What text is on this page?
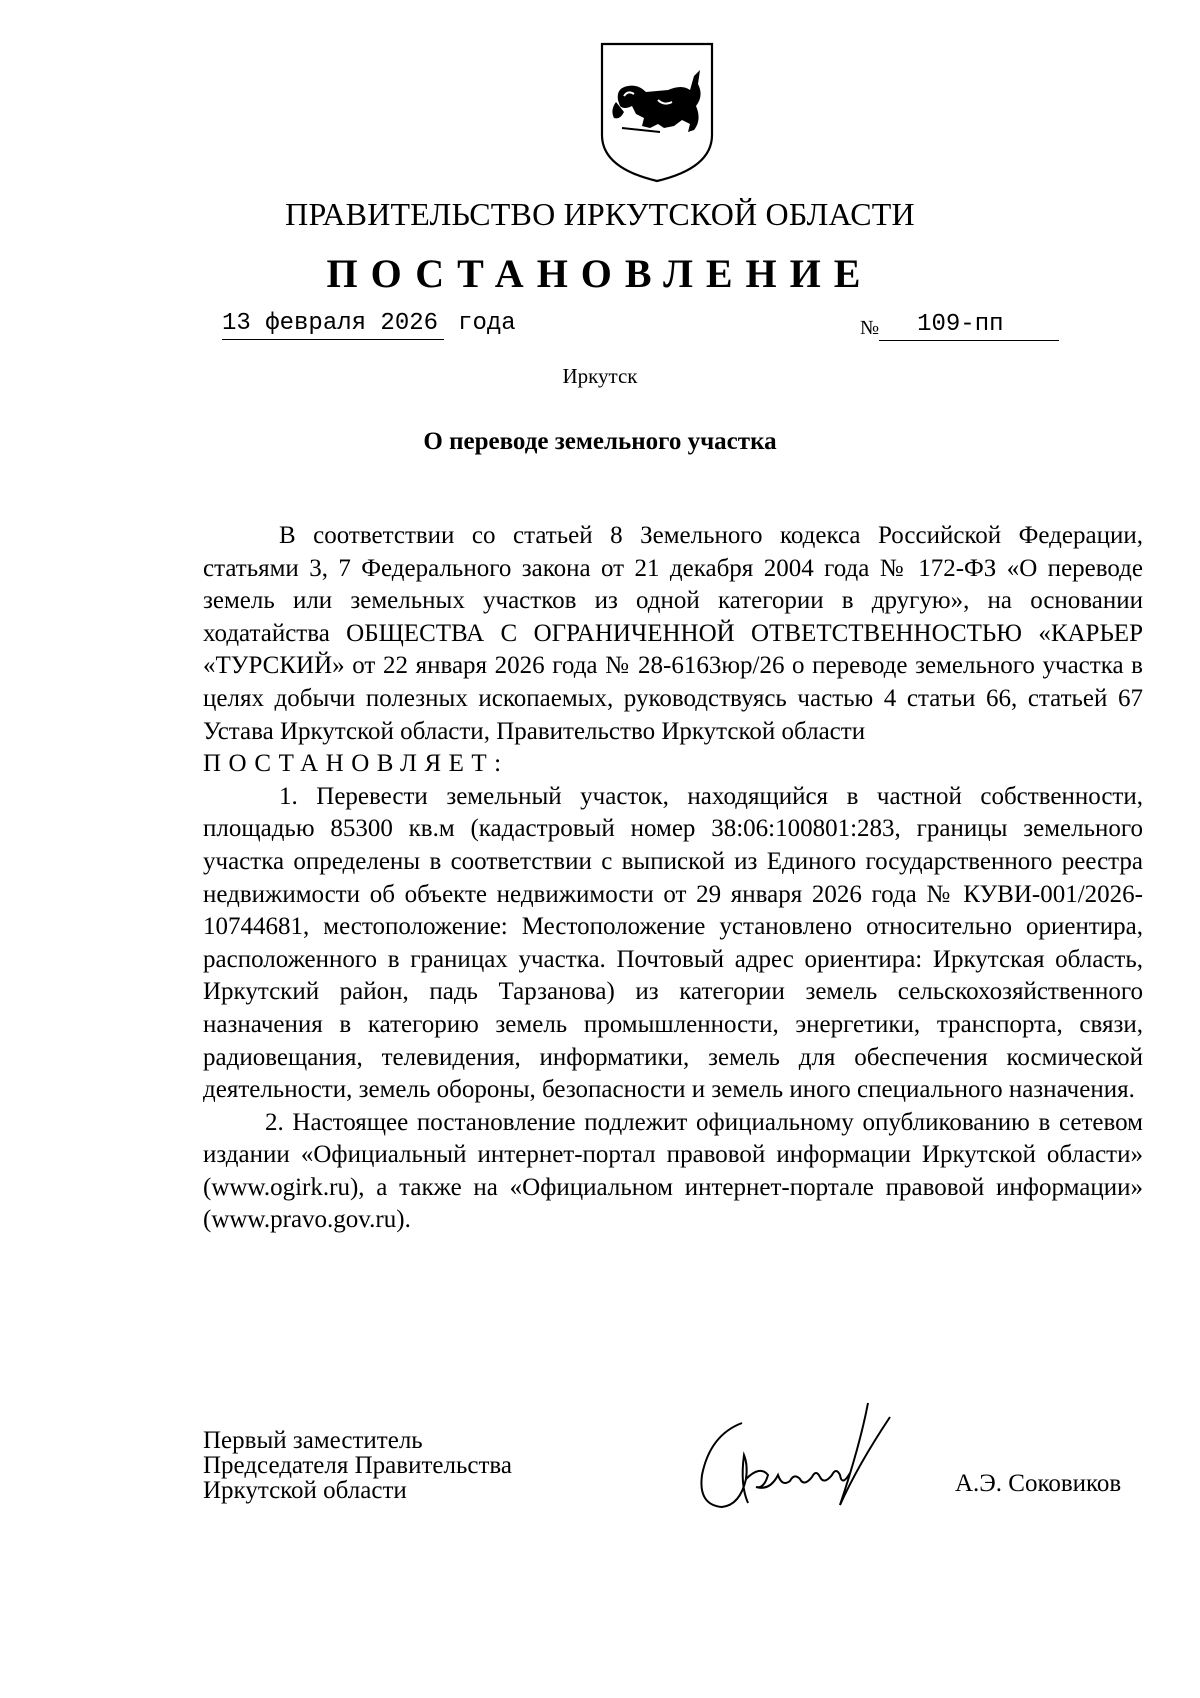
ПРАВИТЕЛЬСТВО ИРКУТСКОЙ ОБЛАСТИ
ПОСТАНОВЛЕНИЕ
13 февраля 2026 года	№ 109-пп
Иркутск
О переводе земельного участка

В соответствии со статьей 8 Земельного кодекса Российской Федерации, статьями 3, 7 Федерального закона от 21 декабря 2004 года № 172-ФЗ «О переводе земель или земельных участков из одной категории в другую», на основании ходатайства ОБЩЕСТВА С ОГРАНИЧЕННОЙ ОТВЕТСТВЕННОСТЬЮ «КАРЬЕР «ТУРСКИЙ» от 22 января 2026 года № 28-6163юр/26 о переводе земельного участка в целях добычи полезных ископаемых, руководствуясь частью 4 статьи 66, статьей 67 Устава Иркутской области, Правительство Иркутской области

ПОСТАНОВЛЯЕТ:

1. Перевести земельный участок, находящийся в частной собственности, площадью 85300 кв.м (кадастровый номер 38:06:100801:283, границы земельного участка определены в соответствии с выпиской из Единого государственного реестра недвижимости об объекте недвижимости от 29 января 2026 года № КУВИ-001/2026-10744681, местоположение: Местоположение установлено относительно ориентира, расположенного в границах участка. Почтовый адрес ориентира: Иркутская область, Иркутский район, падь Тарзанова) из категории земель сельскохозяйственного назначения в категорию земель промышленности, энергетики, транспорта, связи, радиовещания, телевидения, информатики, земель для обеспечения космической деятельности, земель обороны, безопасности и земель иного специального назначения.

2. Настоящее постановление подлежит официальному опубликованию в сетевом издании «Официальный интернет-портал правовой информации Иркутской области» (www.ogirk.ru), а также на «Официальном интернет-портале правовой информации» (www.pravo.gov.ru).

Первый заместитель
Председателя Правительства
Иркутской области	А.Э. Соковиков
